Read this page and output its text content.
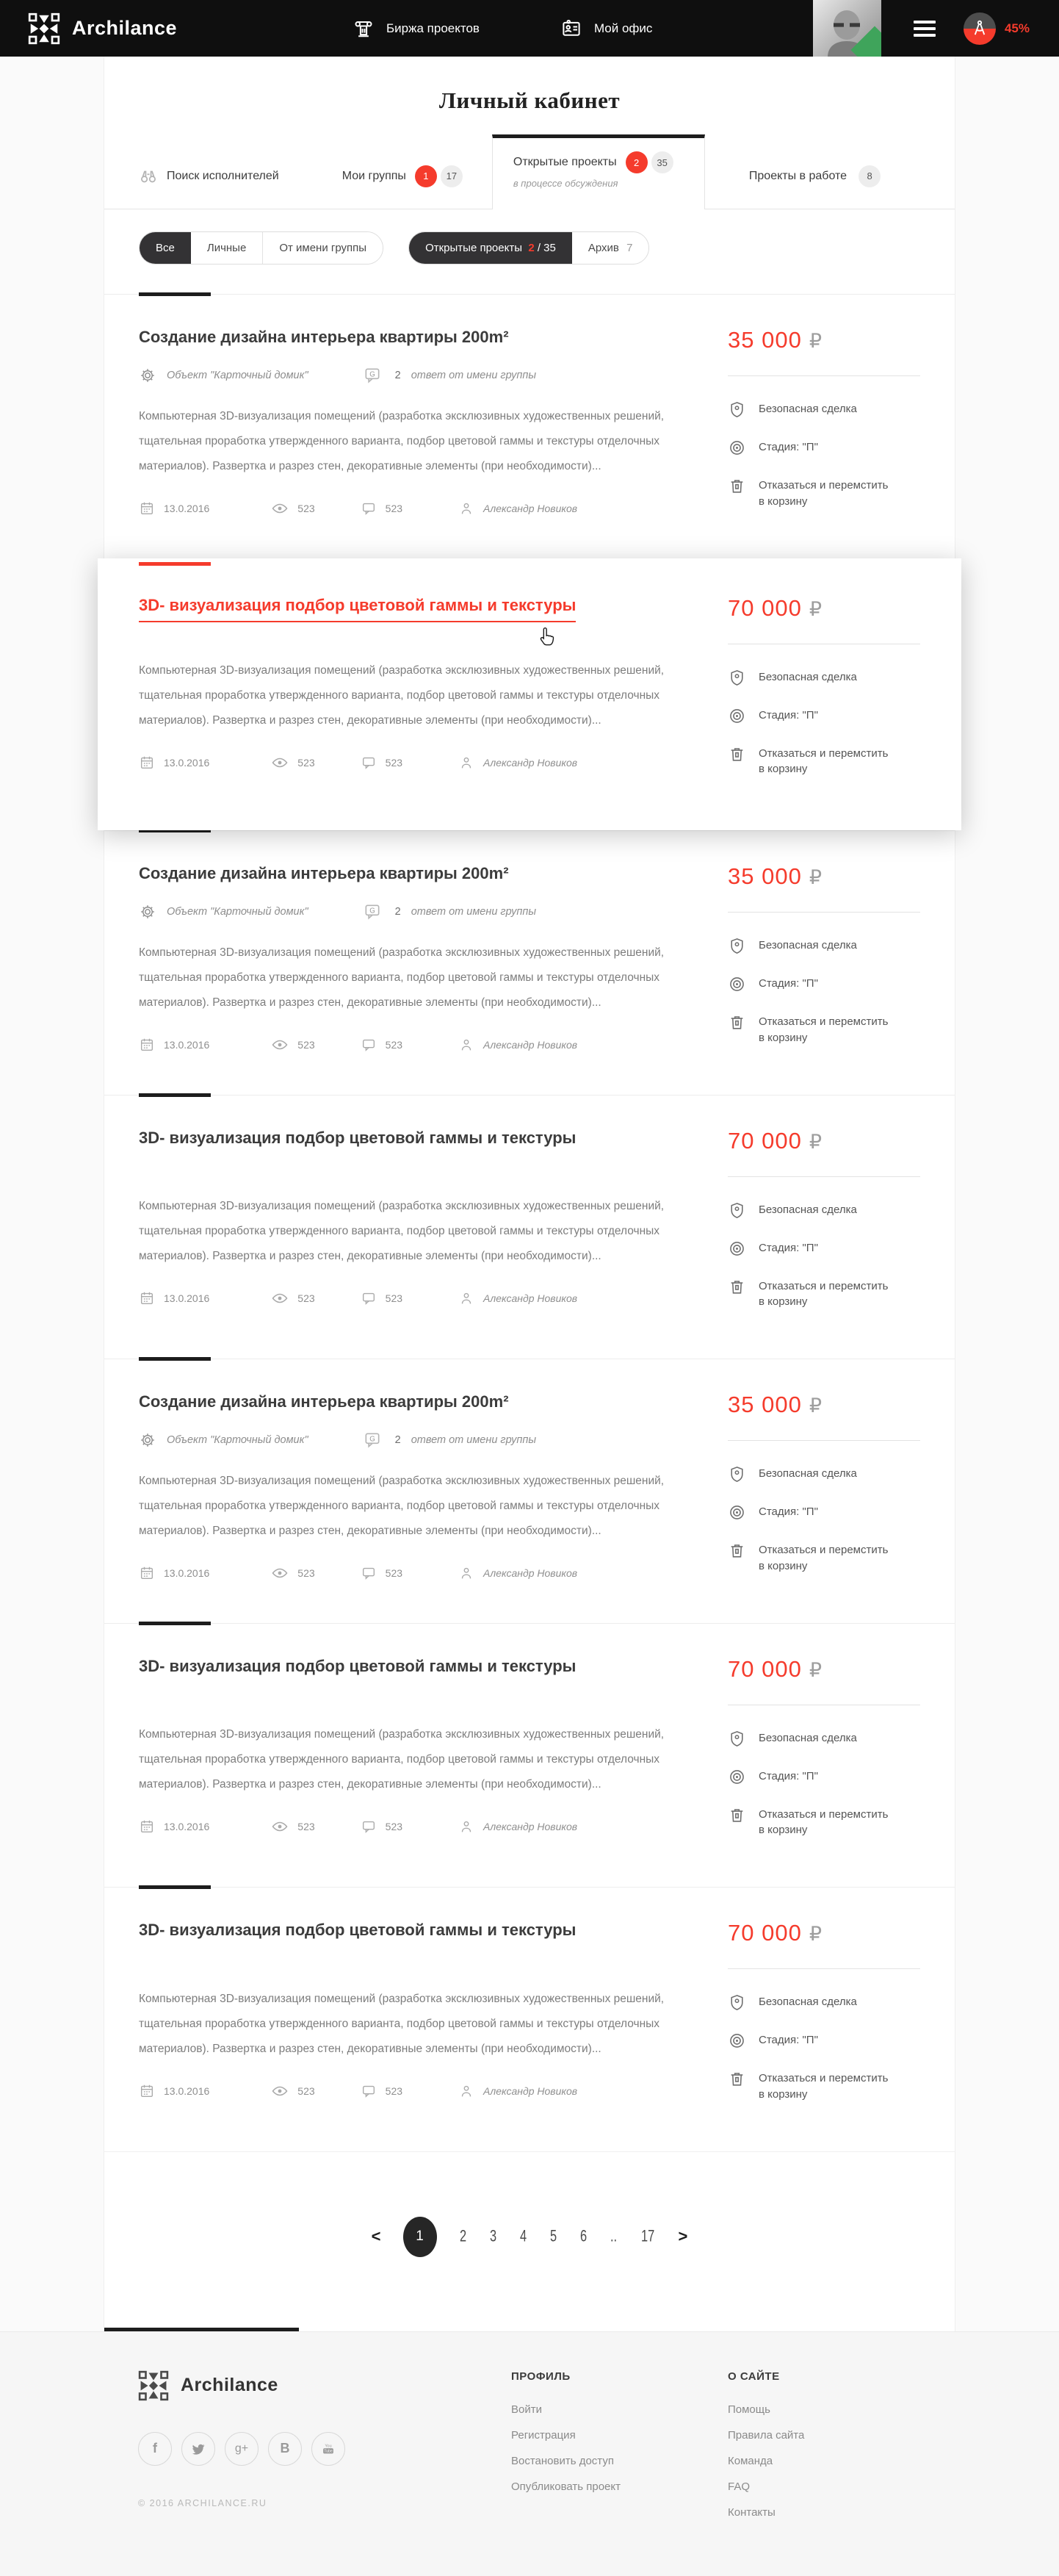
Archilance	Биржа проектов	Мой офис	45%
Личный кабинет
Поиск исполнителей	Мои группы	1	17
Открытые проекты	2	35
в процессе обсуждения
Проекты в работе	8
Все	Личные	От имени группы	Открытые проекты 2 / 35	Архив 7
Создание дизайна интерьера квартиры 200m²
Объект "Карточный домик"	G 2 ответ от имени группы

Компьютерная 3D-визуализация помещений (разработка эксклюзивных художественных решений, тщательная проработка утвержденного варианта, подбор цветовой гаммы и текстуры отделочных материалов). Развертка и разрез стен, декоративные элементы (при необходимости)...

13.0.2016	523	523	Александр Новиков
35 000 ₽
Безопасная сделка
Стадия: "П"
Отказаться и перемстить в корзину
3D- визуализация подбор цветовой гаммы и текстуры

Компьютерная 3D-визуализация помещений (разработка эксклюзивных художественных решений, тщательная проработка утвержденного варианта, подбор цветовой гаммы и текстуры отделочных материалов). Развертка и разрез стен, декоративные элементы (при необходимости)...

13.0.2016	523	523	Александр Новиков
70 000 ₽
Безопасная сделка
Стадия: "П"
Отказаться и перемстить в корзину
Создание дизайна интерьера квартиры 200m²
Объект "Карточный домик"	G 2 ответ от имени группы

Компьютерная 3D-визуализация помещений (разработка эксклюзивных художественных решений, тщательная проработка утвержденного варианта, подбор цветовой гаммы и текстуры отделочных материалов). Развертка и разрез стен, декоративные элементы (при необходимости)...

13.0.2016	523	523	Александр Новиков
35 000 ₽
Безопасная сделка
Стадия: "П"
Отказаться и перемстить в корзину
3D- визуализация подбор цветовой гаммы и текстуры

Компьютерная 3D-визуализация помещений (разработка эксклюзивных художественных решений, тщательная проработка утвержденного варианта, подбор цветовой гаммы и текстуры отделочных материалов). Развертка и разрез стен, декоративные элементы (при необходимости)...

13.0.2016	523	523	Александр Новиков
70 000 ₽
Безопасная сделка
Стадия: "П"
Отказаться и перемстить в корзину
Создание дизайна интерьера квартиры 200m²
Объект "Карточный домик"	G 2 ответ от имени группы

Компьютерная 3D-визуализация помещений (разработка эксклюзивных художественных решений, тщательная проработка утвержденного варианта, подбор цветовой гаммы и текстуры отделочных материалов). Развертка и разрез стен, декоративные элементы (при необходимости)...

13.0.2016	523	523	Александр Новиков
35 000 ₽
Безопасная сделка
Стадия: "П"
Отказаться и перемстить в корзину
3D- визуализация подбор цветовой гаммы и текстуры

Компьютерная 3D-визуализация помещений (разработка эксклюзивных художественных решений, тщательная проработка утвержденного варианта, подбор цветовой гаммы и текстуры отделочных материалов). Развертка и разрез стен, декоративные элементы (при необходимости)...

13.0.2016	523	523	Александр Новиков
70 000 ₽
Безопасная сделка
Стадия: "П"
Отказаться и перемстить в корзину
3D- визуализация подбор цветовой гаммы и текстуры

Компьютерная 3D-визуализация помещений (разработка эксклюзивных художественных решений, тщательная проработка утвержденного варианта, подбор цветовой гаммы и текстуры отделочных материалов). Развертка и разрез стен, декоративные элементы (при необходимости)...

13.0.2016	523	523	Александр Новиков
70 000 ₽
Безопасная сделка
Стадия: "П"
Отказаться и перемстить в корзину
<	1	2 3 4 5 6 .. 17 >
Archilance
f	g+	B	You
Tube
© 2016 ARCHILANCE.RU
ПРОФИЛЬ
Войти
Регистрация
Востановить доступ
Опубликовать проект
О САЙТЕ
Помощь
Правила сайта
Команда
FAQ
Контакты
